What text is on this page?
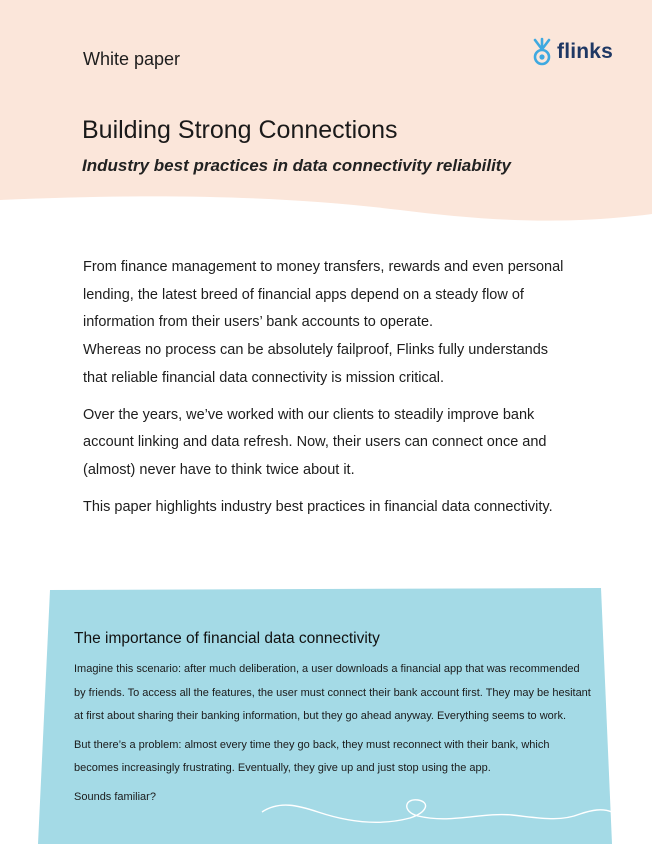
White paper	flinks
Building Strong Connections
Industry best practices in data connectivity reliability

From finance management to money transfers, rewards and even personal
lending, the latest breed of financial apps depend on a steady flow of
information from their users’ bank accounts to operate.
Whereas no process can be absolutely failproof, Flinks fully understands
that reliable financial data connectivity is mission critical.

Over the years, we’ve worked with our clients to steadily improve bank
account linking and data refresh. Now, their users can connect once and
(almost) never have to think twice about it.

This paper highlights industry best practices in financial data connectivity.

The importance of financial data connectivity

Imagine this scenario: after much deliberation, a user downloads a financial app that was recommended
by friends. To access all the features, the user must connect their bank account first. They may be hesitant
at first about sharing their banking information, but they go ahead anyway. Everything seems to work.

But there’s a problem: almost every time they go back, they must reconnect with their bank, which
becomes increasingly frustrating. Eventually, they give up and just stop using the app.

Sounds familiar?
